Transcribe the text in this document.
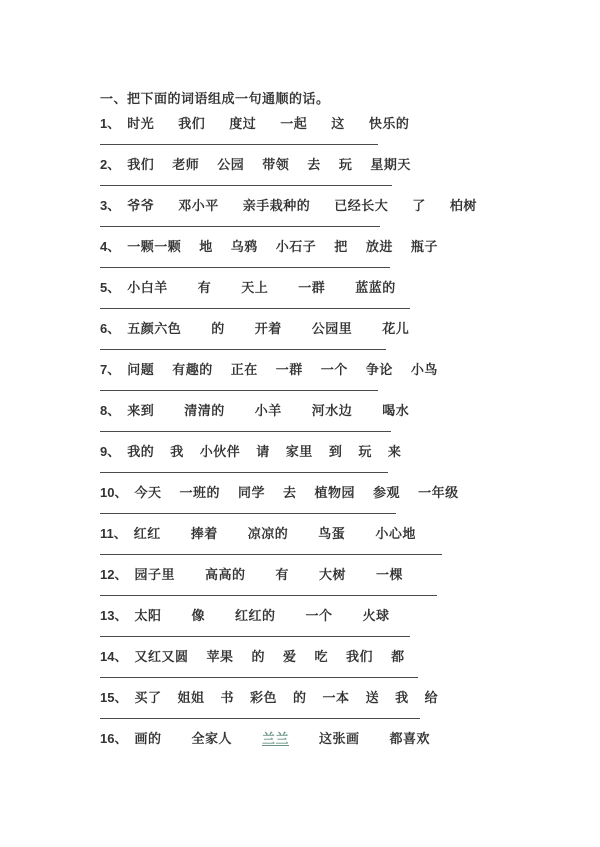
一、把下面的词语组成一句通顺的话。
1、 时光 我们 度过 一起 这 快乐的
2、 我们 老师 公园 带领 去 玩 星期天
3、 爷爷 邓小平 亲手栽种的 已经长大 了 柏树
4、 一颗一颗 地 乌鸦 小石子 把 放进 瓶子
5、 小白羊 有 天上 一群 蓝蓝的
6、 五颜六色 的 开着 公园里 花儿
7、 问题 有趣的 正在 一群 一个 争论 小鸟
8、 来到 清清的 小羊 河水边 喝水
9、 我的 我 小伙伴 请 家里 到 玩 来
10、 今天 一班的 同学 去 植物园 参观 一年级
11、 红红 捧着 凉凉的 鸟蛋 小心地
12、 园子里 高高的 有 大树 一棵
13、 太阳 像 红红的 一个 火球
14、 又红又圆 苹果 的 爱 吃 我们 都
15、 买了 姐姐 书 彩色 的 一本 送 我 给
16、 画的 全家人 兰兰 这张画 都喜欢
